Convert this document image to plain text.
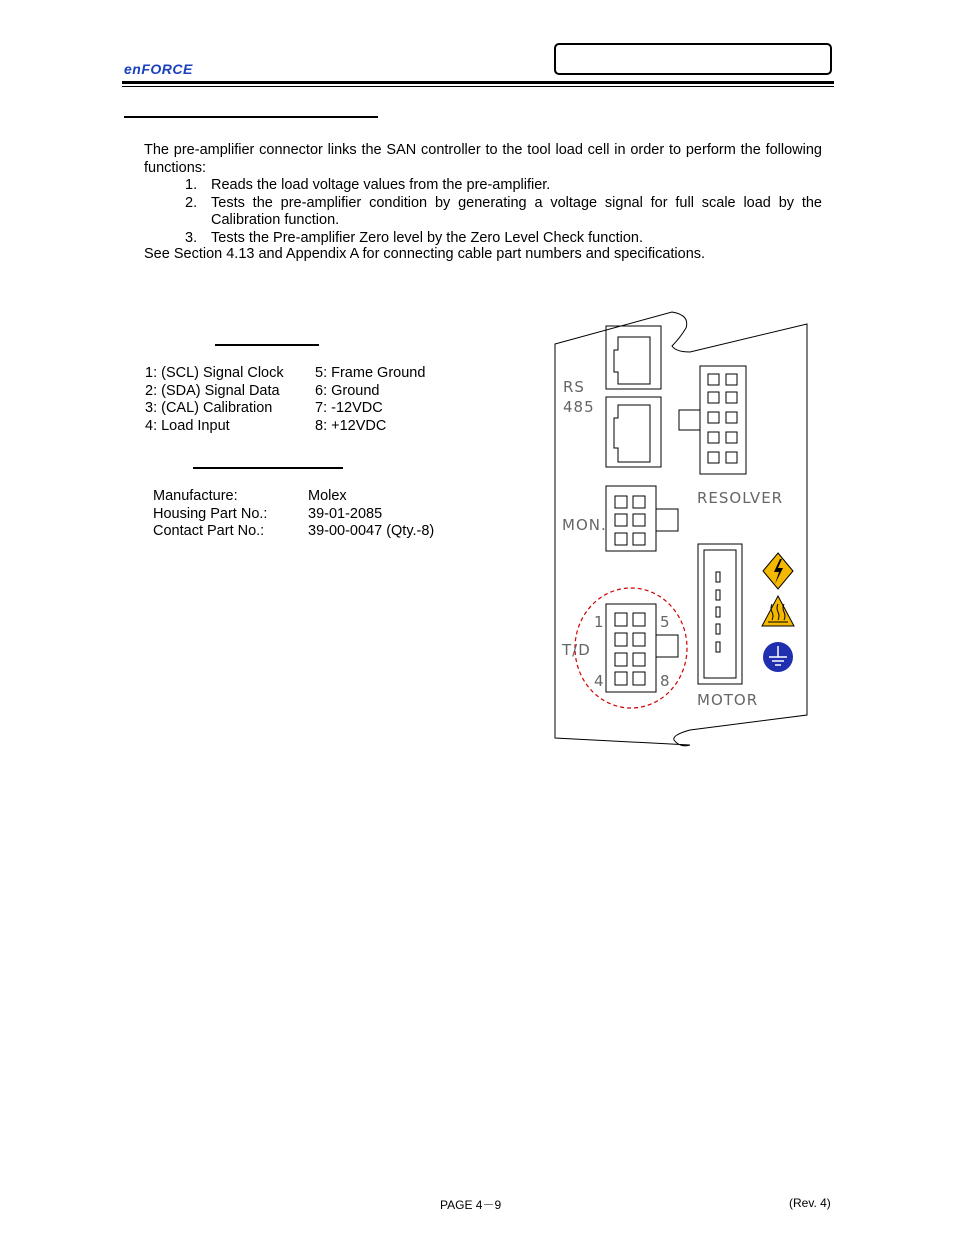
enFORCE
The pre-amplifier connector links the SAN controller to the tool load cell in order to perform the following functions:
1. Reads the load voltage values from the pre-amplifier.
2. Tests the pre-amplifier condition by generating a voltage signal for full scale load by the Calibration function.
3. Tests the Pre-amplifier Zero level by the Zero Level Check function.
See Section 4.13 and Appendix A for connecting cable part numbers and specifications.
1: (SCL) Signal Clock
2: (SDA) Signal Data
3: (CAL) Calibration
4: Load Input
5: Frame Ground
6: Ground
7: -12VDC
8: +12VDC
Manufacture:
Housing Part No.:
Contact Part No.:
Molex
39-01-2085
39-00-0047 (Qty.-8)
RS
485
RESOLVER
MON.
T/D
MOTOR
1
4
5
8
PAGE 4－9	(Rev. 4)
